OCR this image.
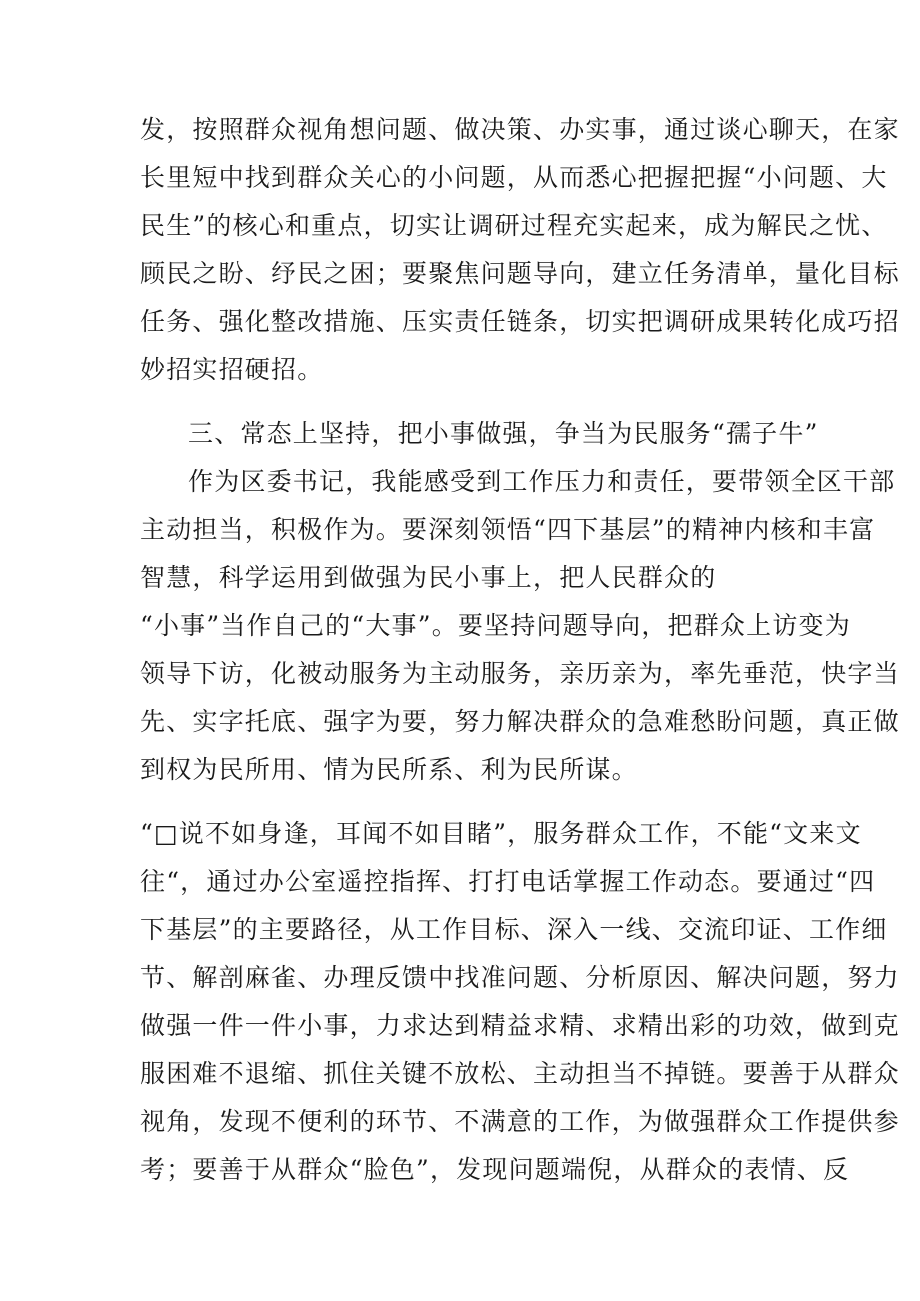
发，按照群众视角想问题、做决策、办实事，通过谈心聊天，在家
长里短中找到群众关心的小问题，从而悉心把握把握“小问题、大
民生”的核心和重点，切实让调研过程充实起来，成为解民之忧、
顾民之盼、纾民之困；要聚焦问题导向，建立任务清单，量化目标
任务、强化整改措施、压实责任链条，切实把调研成果转化成巧招
妙招实招硬招。
三、常态上坚持，把小事做强，争当为民服务“孺子牛”
作为区委书记，我能感受到工作压力和责任，要带领全区干部
主动担当，积极作为。要深刻领悟“四下基层”的精神内核和丰富
智慧，科学运用到做强为民小事上，把人民群众的
“小事”当作自己的“大事”。要坚持问题导向，把群众上访变为
领导下访，化被动服务为主动服务，亲历亲为，率先垂范，快字当
先、实字托底、强字为要，努力解决群众的急难愁盼问题，真正做
到权为民所用、情为民所系、利为民所谋。
“□说不如身逢，耳闻不如目睹”，服务群众工作，不能“文来文
往“，通过办公室遥控指挥、打打电话掌握工作动态。要通过“四
下基层”的主要路径，从工作目标、深入一线、交流印证、工作细
节、解剖麻雀、办理反馈中找准问题、分析原因、解决问题，努力
做强一件一件小事，力求达到精益求精、求精出彩的功效，做到克
服困难不退缩、抓住关键不放松、主动担当不掉链。要善于从群众
视角，发现不便利的环节、不满意的工作，为做强群众工作提供参
考；要善于从群众“脸色”，发现问题端倪，从群众的表情、反
